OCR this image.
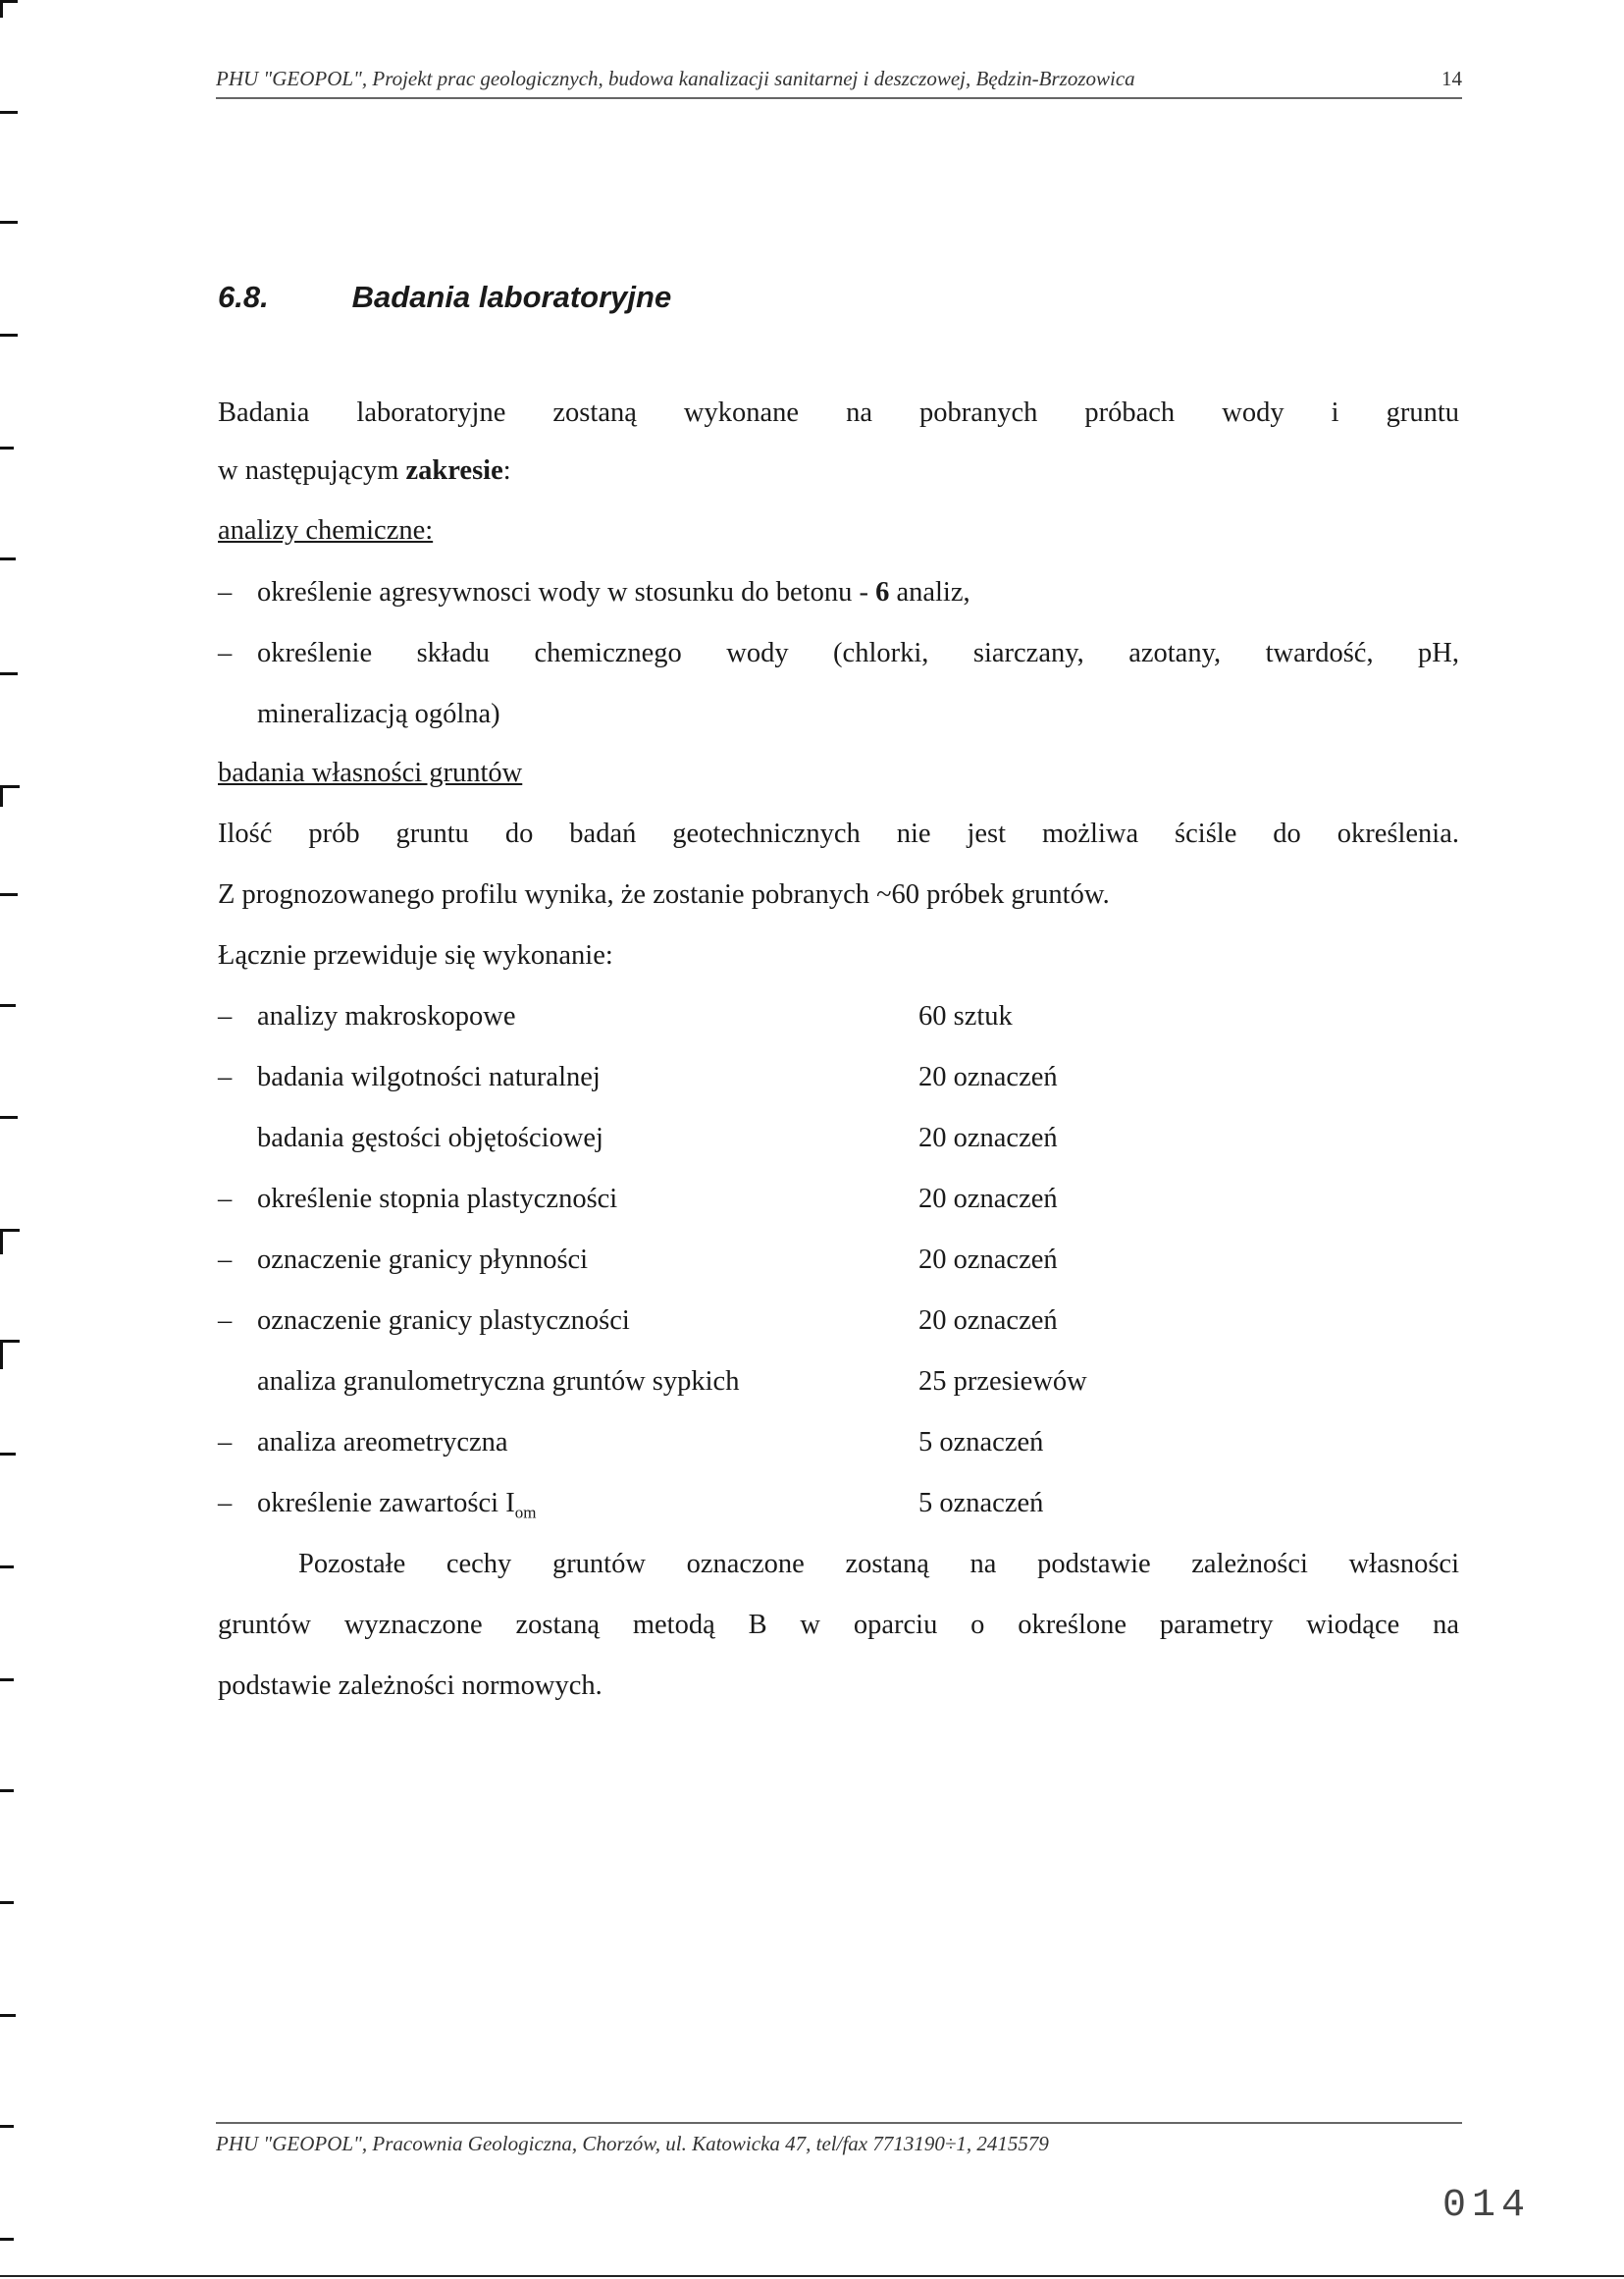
PHU "GEOPOL", Projekt prac geologicznych, budowa kanalizacji sanitarnej i deszczowej, Będzin-Brzozowica	14
6.8.	Badania laboratoryjne
Badania laboratoryjne zostaną wykonane na pobranych próbach wody i gruntu
w następującym zakresie:
analizy chemiczne:
– określenie agresywnosci wody w stosunku do betonu - 6 analiz,
– określenie składu chemicznego wody (chlorki, siarczany, azotany, twardość, pH,
mineralizacją ogólna)
badania własności gruntów
Ilość prób gruntu do badań geotechnicznych nie jest możliwa ściśle do określenia.
Z prognozowanego profilu wynika, że zostanie pobranych ~60 próbek gruntów.
Łącznie przewiduje się wykonanie:
– analizy makroskopowe	60 sztuk
– badania wilgotności naturalnej	20 oznaczeń
badania gęstości objętościowej	20 oznaczeń
– określenie stopnia plastyczności	20 oznaczeń
– oznaczenie granicy płynności	20 oznaczeń
– oznaczenie granicy plastyczności	20 oznaczeń
analiza granulometryczna gruntów sypkich	25 przesiewów
– analiza areometryczna	5 oznaczeń
– określenie zawartości $I_{om}$	5 oznaczeń
Pozostałe cechy gruntów oznaczone zostaną na podstawie zależności własności
gruntów wyznaczone zostaną metodą B w oparciu o określone parametry wiodące na
podstawie zależności normowych.
PHU "GEOPOL", Pracownia Geologiczna, Chorzów, ul. Katowicka 47, tel/fax 7713190÷1, 2415579
014
